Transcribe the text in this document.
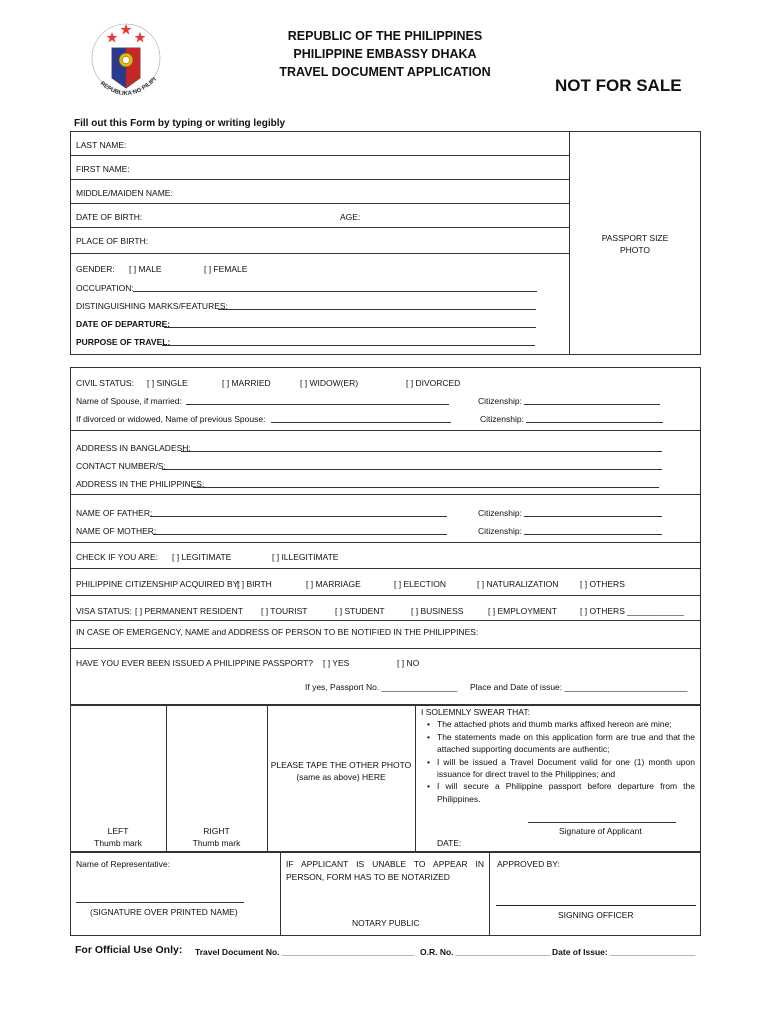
REPUBLIKA NG PILIPI
REPUBLIC OF THE PHILIPPINES
PHILIPPINE EMBASSY DHAKA
TRAVEL DOCUMENT APPLICATION
NOT FOR SALE
Fill out this Form by typing or writing legibly
LAST NAME:
FIRST NAME:
MIDDLE/MAIDEN NAME:
DATE OF BIRTH:	AGE:
PLACE OF BIRTH:	PASSPORT SIZE
PHOTO
GENDER: [ ] MALE	[ ] FEMALE
OCCUPATION:
DISTINGUISHING MARKS/FEATURES:
DATE OF DEPARTURE:
PURPOSE OF TRAVEL:
CIVIL STATUS: [ ] SINGLE	[ ] MARRIED	[ ] WIDOW(ER)	[ ] DIVORCED
Name of Spouse, if married:	Citizenship:
If divorced or widowed, Name of previous Spouse:	Citizenship:
ADDRESS IN BANGLADESH:
CONTACT NUMBER/S:
ADDRESS IN THE PHILIPPINES:
NAME OF FATHER:	Citizenship:
NAME OF MOTHER:	Citizenship:
CHECK IF YOU ARE: [ ] LEGITIMATE	[ ] ILLEGITIMATE
PHILIPPINE CITIZENSHIP ACQUIRED BY:
[ ] BIRTH	[ ] MARRIAGE	[ ] ELECTION	[ ] NATURALIZATION	[ ] OTHERS
VISA STATUS: [ ] PERMANENT RESIDENT [ ] TOURIST	[ ] STUDENT	[ ] BUSINESS	[ ] EMPLOYMENT	[ ] OTHERS ____________
IN CASE OF EMERGENCY, NAME and ADDRESS OF PERSON TO BE NOTIFIED IN THE PHILIPPINES:
HAVE YOU EVER BEEN ISSUED A PHILIPPINE PASSPORT? [ ] YES	[ ] NO
If yes, Passport No. ________________ Place and Date of issue: __________________________
LEFT
Thumb mark
RIGHT
Thumb mark
PLEASE TAPE THE OTHER PHOTO
(same as above) HERE
I SOLEMNLY SWEAR THAT:
• The attached phots and thumb marks affixed hereon are mine;
• The statements made on this application form are true and that the attached supporting documents are authentic;
• I will be issued a Travel Document valid for one (1) month upon issuance for direct travel to the Philippines; and
• I will secure a Philippine passport before departure from the Philippines.
Signature of Applicant
DATE:
Name of Representative:
(SIGNATURE OVER PRINTED NAME)
IF APPLICANT IS UNABLE TO APPEAR IN PERSON, FORM HAS TO BE NOTARIZED
NOTARY PUBLIC
APPROVED BY:
SIGNING OFFICER
For Official Use Only: Travel Document No. ____________________________ O.R. No. ____________________ Date of Issue: __________________
